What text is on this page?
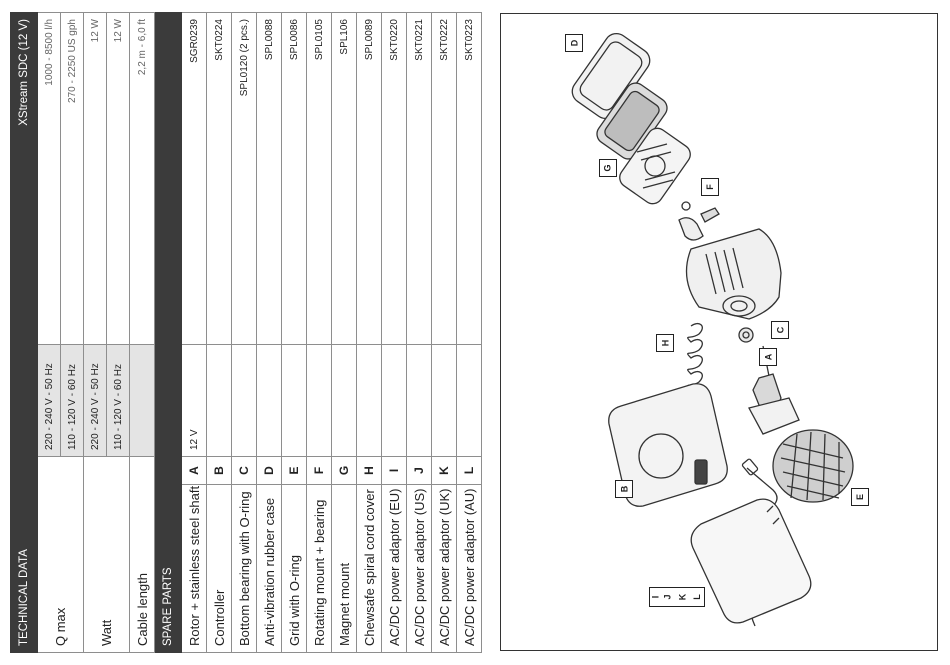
TECHNICAL DATA			XStream SDC (12 V)
Q max		220 - 240 V - 50 Hz	1000 - 8500 l/h
		110 - 120 V - 60 Hz	270 - 2250 US gph
Watt		220 - 240 V - 50 Hz	12 W
		110 - 120 V - 60 Hz	12 W
Cable length			2,2 m - 6,0 ft
SPARE PARTS			
Rotor + stainless steel shaft	A	12 V	SGR0239
Controller	B		SKT0224
Bottom bearing with O-ring	C		SPL0120 (2 pcs.)
Anti-vibration rubber case	D		SPL0088
Grid with O-ring	E		SPL0086
Rotating mount + bearing	F		SPL0105
Magnet mount	G		SPL106
Chewsafe spiral cord cover	H		SPL0089
AC/DC power adaptor (EU)	I		SKT0220
AC/DC power adaptor (US)	J		SKT0221
AC/DC power adaptor (UK)	K		SKT0222
AC/DC power adaptor (AU)	L		SKT0223	D
G
F
C
A
H
B
E
I J K L
